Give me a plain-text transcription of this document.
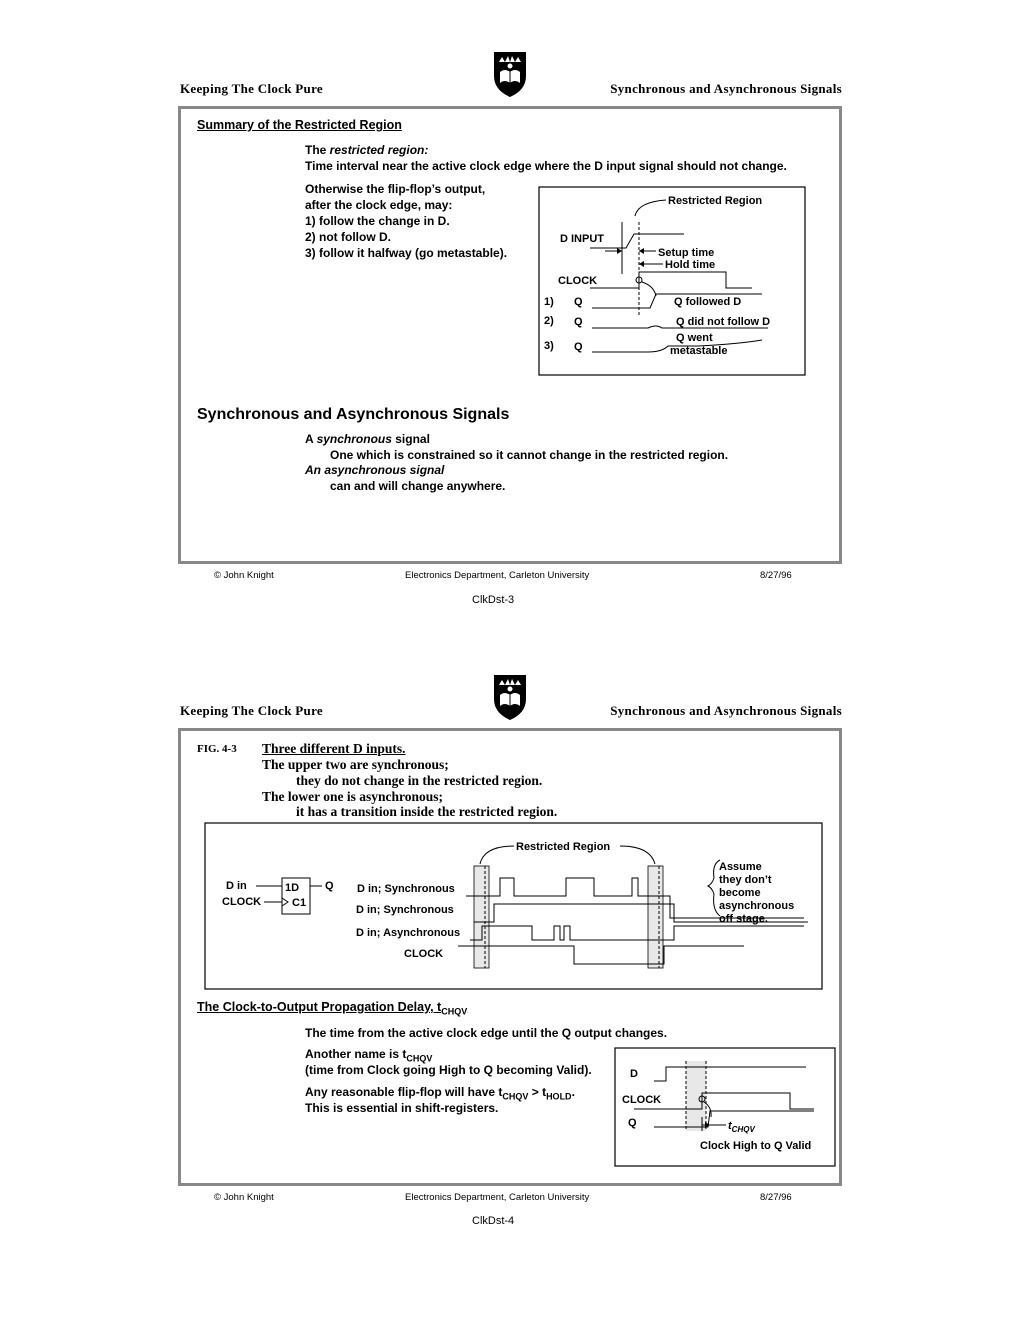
Keeping The Clock Pure	Synchronous and Asynchronous Signals
Summary of the Restricted Region
The restricted region:
Time interval near the active clock edge where the D input signal should not change.
Otherwise the flip-flop’s output,
after the clock edge, may:
1) follow the change in D.
2) not follow D.
3) follow it halfway (go metastable).
Restricted Region
D INPUT
Setup time
Hold time
CLOCK
1) Q	Q followed D
2) Q	Q did not follow D
3) Q
Q went
metastable
Synchronous and Asynchronous Signals
A synchronous signal
One which is constrained so it cannot change in the restricted region.
An asynchronous signal
can and will change anywhere.
© John Knight	Electronics Department, Carleton University	8/27/96
ClkDst-3
Keeping The Clock Pure	Synchronous and Asynchronous Signals
FIG. 4-3 Three different D inputs.
The upper two are synchronous;
they do not change in the restricted region.
The lower one is asynchronous;
it has a transition inside the restricted region.
Restricted Region
1D
C1
D in
CLOCK
Q D in; Synchronous
D in; Synchronous
D in; Asynchronous
CLOCK
Assume
they don’t
become
asynchronous
off stage.
The Clock-to-Output Propagation Delay, $t_{CHQV}$
The time from the active clock edge until the Q output changes.
Another name is $t_{CHQV}$
(time from Clock going High to Q becoming Valid).
Any reasonable flip-flop will have $t_{CHQV} > t_{HOLD}$.
This is essential in shift-registers.
D
CLOCK
Q	$t_{CHQV}$
Clock High to Q Valid
© John Knight	Electronics Department, Carleton University	8/27/96
ClkDst-4
